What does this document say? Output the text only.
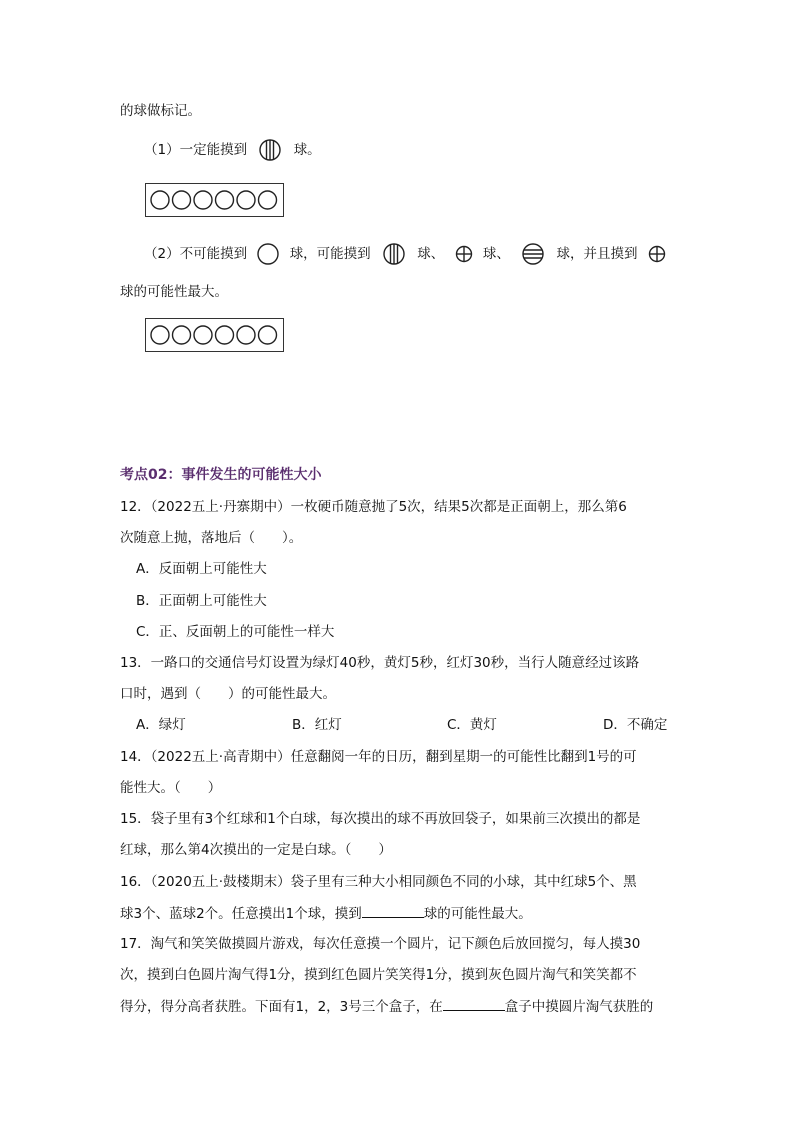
的球做标记。
（1）一定能摸到	球。
（2）不可能摸到	球，可能摸到	球、	球、	球，并且摸到
球的可能性最大。
考点02：事件发生的可能性大小
12．（2022五上·丹寨期中）一枚硬币随意抛了5次，结果5次都是正面朝上，那么第6
次随意上抛，落地后（　　）。
A．反面朝上可能性大
B．正面朝上可能性大
C．正、反面朝上的可能性一样大
13．一路口的交通信号灯设置为绿灯40秒，黄灯5秒，红灯30秒，当行人随意经过该路
口时，遇到（　　）的可能性最大。
A．绿灯	B．红灯	C．黄灯	D．不确定
14．（2022五上·高青期中）任意翻阅一年的日历，翻到星期一的可能性比翻到1号的可
能性大。（　　）
15．袋子里有3个红球和1个白球，每次摸出的球不再放回袋子，如果前三次摸出的都是
红球，那么第4次摸出的一定是白球。（　　）
16．（2020五上·鼓楼期末）袋子里有三种大小相同颜色不同的小球，其中红球5个、黑
球3个、蓝球2个。任意摸出1个球，摸到	球的可能性最大。
17．淘气和笑笑做摸圆片游戏，每次任意摸一个圆片，记下颜色后放回搅匀，每人摸30
次，摸到白色圆片淘气得1分，摸到红色圆片笑笑得1分，摸到灰色圆片淘气和笑笑都不
得分，得分高者获胜。下面有1，2，3号三个盒子，在	盒子中摸圆片淘气获胜的
